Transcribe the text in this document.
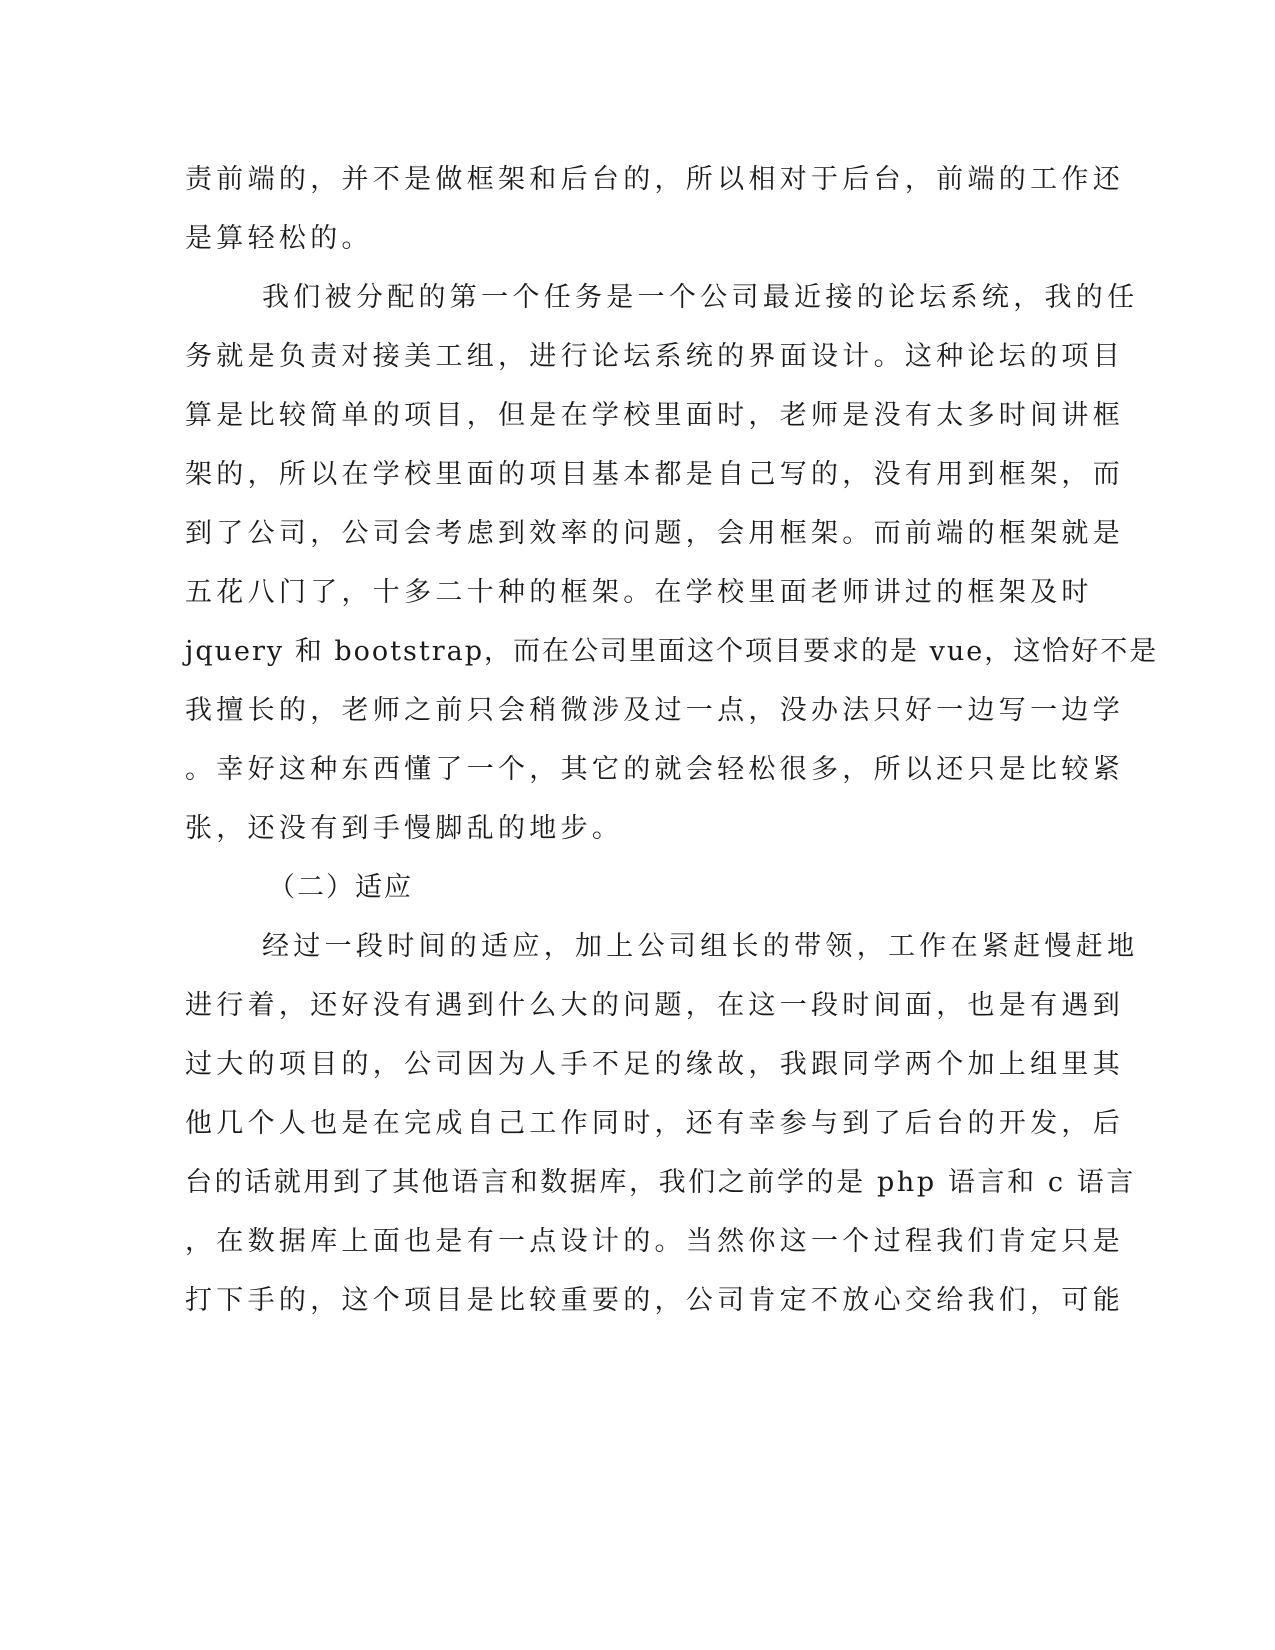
责前端的，并不是做框架和后台的，所以相对于后台，前端的工作还
是算轻松的。
我们被分配的第一个任务是一个公司最近接的论坛系统，我的任
务就是负责对接美工组，进行论坛系统的界面设计。这种论坛的项目
算是比较简单的项目，但是在学校里面时，老师是没有太多时间讲框
架的，所以在学校里面的项目基本都是自己写的，没有用到框架，而
到了公司，公司会考虑到效率的问题，会用框架。而前端的框架就是
五花八门了，十多二十种的框架。在学校里面老师讲过的框架及时
jquery 和 bootstrap，而在公司里面这个项目要求的是 vue，这恰好不是
我擅长的，老师之前只会稍微涉及过一点，没办法只好一边写一边学
。幸好这种东西懂了一个，其它的就会轻松很多，所以还只是比较紧
张，还没有到手慢脚乱的地步。
（二）适应
经过一段时间的适应，加上公司组长的带领，工作在紧赶慢赶地
进行着，还好没有遇到什么大的问题，在这一段时间面，也是有遇到
过大的项目的，公司因为人手不足的缘故，我跟同学两个加上组里其
他几个人也是在完成自己工作同时，还有幸参与到了后台的开发，后
台的话就用到了其他语言和数据库，我们之前学的是 php 语言和 c 语言
，在数据库上面也是有一点设计的。当然你这一个过程我们肯定只是
打下手的，这个项目是比较重要的，公司肯定不放心交给我们，可能
